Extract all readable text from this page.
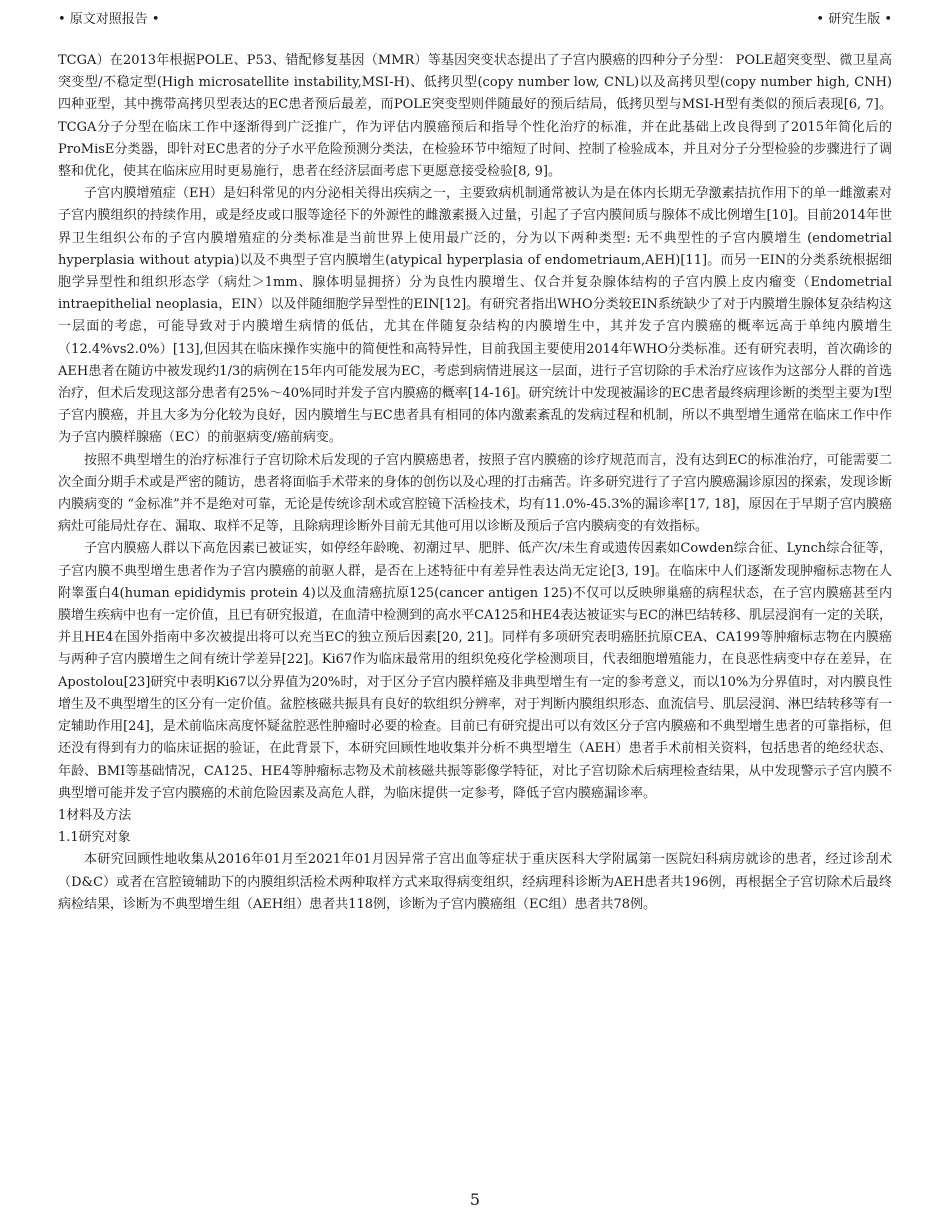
• 原文对照报告 •	• 研究生版 •

TCGA）在2013年根据POLE、P53、错配修复基因（MMR）等基因突变状态提出了子宫内膜癌的四种分子分型： POLE超突变型、微卫星高突变型/不稳定型(High microsatellite instability,MSI-H)、低拷贝型(copy number low, CNL)以及高拷贝型(copy number high, CNH)四种亚型，其中携带高拷贝型表达的EC患者预后最差，而POLE突变型则伴随最好的预后结局，低拷贝型与MSI-H型有类似的预后表现[6, 7]。TCGA分子分型在临床工作中逐渐得到广泛推广，作为评估内膜癌预后和指导个性化治疗的标准，并在此基础上改良得到了2015年简化后的ProMisE分类器，即针对EC患者的分子水平危险预测分类法，在检验环节中缩短了时间、控制了检验成本，并且对分子分型检验的步骤进行了调整和优化，使其在临床应用时更易施行，患者在经济层面考虑下更愿意接受检验[8, 9]。

子宫内膜增殖症（EH）是妇科常见的内分泌相关得出疾病之一，主要致病机制通常被认为是在体内长期无孕激素拮抗作用下的单一雌激素对子宫内膜组织的持续作用，或是经皮或口服等途径下的外源性的雌激素摄入过量，引起了子宫内膜间质与腺体不成比例增生[10]。目前2014年世界卫生组织公布的子宫内膜增殖症的分类标准是当前世界上使用最广泛的，分为以下两种类型: 无不典型性的子宫内膜增生 (endometrial hyperplasia without atypia)以及不典型子宫内膜增生(atypical hyperplasia of endometriaum,AEH)[11]。而另一EIN的分类系统根据细胞学异型性和组织形态学（病灶＞1mm、腺体明显拥挤）分为良性内膜增生、仅合并复杂腺体结构的子宫内膜上皮内瘤变（Endometrial intraepithelial neoplasia，EIN）以及伴随细胞学异型性的EIN[12]。有研究者指出WHO分类较EIN系统缺少了对于内膜增生腺体复杂结构这一层面的考虑，可能导致对于内膜增生病情的低估，尤其在伴随复杂结构的内膜增生中，其并发子宫内膜癌的概率远高于单纯内膜增生（12.4%vs2.0%）[13],但因其在临床操作实施中的简便性和高特异性，目前我国主要使用2014年WHO分类标准。还有研究表明，首次确诊的AEH患者在随访中被发现约1/3的病例在15年内可能发展为EC，考虑到病情进展这一层面，进行子宫切除的手术治疗应该作为这部分人群的首选治疗，但术后发现这部分患者有25%～40%同时并发子宫内膜癌的概率[14-16]。研究统计中发现被漏诊的EC患者最终病理诊断的类型主要为I型子宫内膜癌，并且大多为分化较为良好，因内膜增生与EC患者具有相同的体内激素紊乱的发病过程和机制，所以不典型增生通常在临床工作中作为子宫内膜样腺癌（EC）的前驱病变/癌前病变。

按照不典型增生的治疗标准行子宫切除术后发现的子宫内膜癌患者，按照子宫内膜癌的诊疗规范而言，没有达到EC的标准治疗，可能需要二次全面分期手术或是严密的随访，患者将面临手术带来的身体的创伤以及心理的打击痛苦。许多研究进行了子宫内膜癌漏诊原因的探索，发现诊断内膜病变的 “金标准”并不是绝对可靠，无论是传统诊刮术或宫腔镜下活检技术，均有11.0%-45.3%的漏诊率[17, 18]，原因在于早期子宫内膜癌病灶可能局灶存在、漏取、取样不足等，且除病理诊断外目前无其他可用以诊断及预后子宫内膜病变的有效指标。

子宫内膜癌人群以下高危因素已被证实，如停经年龄晚、初潮过早、肥胖、低产次/未生育或遗传因素如Cowden综合征、Lynch综合征等，子宫内膜不典型增生患者作为子宫内膜癌的前驱人群，是否在上述特征中有差异性表达尚无定论[3, 19]。在临床中人们逐渐发现肿瘤标志物在人附睾蛋白4(human epididymis protein 4)以及血清癌抗原125(cancer antigen 125)不仅可以反映卵巢癌的病程状态，在子宫内膜癌甚至内膜增生疾病中也有一定价值，且已有研究报道，在血清中检测到的高水平CA125和HE4表达被证实与EC的淋巴结转移、肌层浸润有一定的关联，并且HE4在国外指南中多次被提出将可以充当EC的独立预后因素[20, 21]。同样有多项研究表明癌胚抗原CEA、CA199等肿瘤标志物在内膜癌与两种子宫内膜增生之间有统计学差异[22]。Ki67作为临床最常用的组织免疫化学检测项目，代表细胞增殖能力，在良恶性病变中存在差异，在Apostolou[23]研究中表明Ki67以分界值为20%时，对于区分子宫内膜样癌及非典型增生有一定的参考意义，而以10%为分界值时，对内膜良性增生及不典型增生的区分有一定价值。盆腔核磁共振具有良好的软组织分辨率，对于判断内膜组织形态、血流信号、肌层浸润、淋巴结转移等有一定辅助作用[24]，是术前临床高度怀疑盆腔恶性肿瘤时必要的检查。目前已有研究提出可以有效区分子宫内膜癌和不典型增生患者的可靠指标，但还没有得到有力的临床证据的验证，在此背景下，本研究回顾性地收集并分析不典型增生（AEH）患者手术前相关资料，包括患者的绝经状态、年龄、BMI等基础情况，CA125、HE4等肿瘤标志物及术前核磁共振等影像学特征，对比子宫切除术后病理检查结果，从中发现警示子宫内膜不典型增可能并发子宫内膜癌的术前危险因素及高危人群，为临床提供一定参考，降低子宫内膜癌漏诊率。

1材料及方法

1.1研究对象

本研究回顾性地收集从2016年01月至2021年01月因异常子宫出血等症状于重庆医科大学附属第一医院妇科病房就诊的患者，经过诊刮术（D&C）或者在宫腔镜辅助下的内膜组织活检术两种取样方式来取得病变组织，经病理科诊断为AEH患者共196例，再根据全子宫切除术后最终病检结果，诊断为不典型增生组（AEH组）患者共118例，诊断为子宫内膜癌组（EC组）患者共78例。

5
